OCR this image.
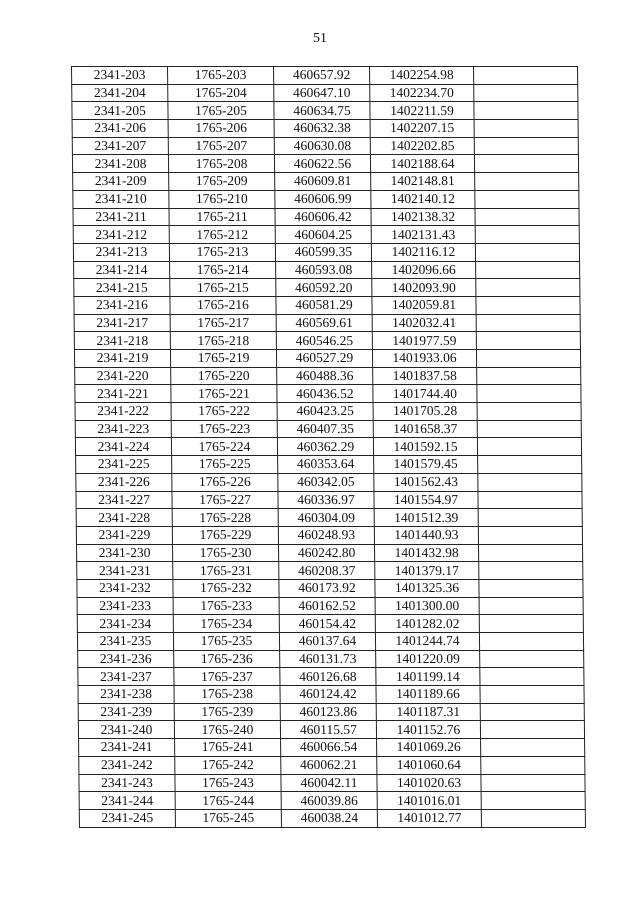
51
2341-203	1765-203	460657.92	1402254.98	
2341-204	1765-204	460647.10	1402234.70	
2341-205	1765-205	460634.75	1402211.59	
2341-206	1765-206	460632.38	1402207.15	
2341-207	1765-207	460630.08	1402202.85	
2341-208	1765-208	460622.56	1402188.64	
2341-209	1765-209	460609.81	1402148.81	
2341-210	1765-210	460606.99	1402140.12	
2341-211	1765-211	460606.42	1402138.32	
2341-212	1765-212	460604.25	1402131.43	
2341-213	1765-213	460599.35	1402116.12	
2341-214	1765-214	460593.08	1402096.66	
2341-215	1765-215	460592.20	1402093.90	
2341-216	1765-216	460581.29	1402059.81	
2341-217	1765-217	460569.61	1402032.41	
2341-218	1765-218	460546.25	1401977.59	
2341-219	1765-219	460527.29	1401933.06	
2341-220	1765-220	460488.36	1401837.58	
2341-221	1765-221	460436.52	1401744.40	
2341-222	1765-222	460423.25	1401705.28	
2341-223	1765-223	460407.35	1401658.37	
2341-224	1765-224	460362.29	1401592.15	
2341-225	1765-225	460353.64	1401579.45	
2341-226	1765-226	460342.05	1401562.43	
2341-227	1765-227	460336.97	1401554.97	
2341-228	1765-228	460304.09	1401512.39	
2341-229	1765-229	460248.93	1401440.93	
2341-230	1765-230	460242.80	1401432.98	
2341-231	1765-231	460208.37	1401379.17	
2341-232	1765-232	460173.92	1401325.36	
2341-233	1765-233	460162.52	1401300.00	
2341-234	1765-234	460154.42	1401282.02	
2341-235	1765-235	460137.64	1401244.74	
2341-236	1765-236	460131.73	1401220.09	
2341-237	1765-237	460126.68	1401199.14	
2341-238	1765-238	460124.42	1401189.66	
2341-239	1765-239	460123.86	1401187.31	
2341-240	1765-240	460115.57	1401152.76	
2341-241	1765-241	460066.54	1401069.26	
2341-242	1765-242	460062.21	1401060.64	
2341-243	1765-243	460042.11	1401020.63	
2341-244	1765-244	460039.86	1401016.01	
2341-245	1765-245	460038.24	1401012.77	
